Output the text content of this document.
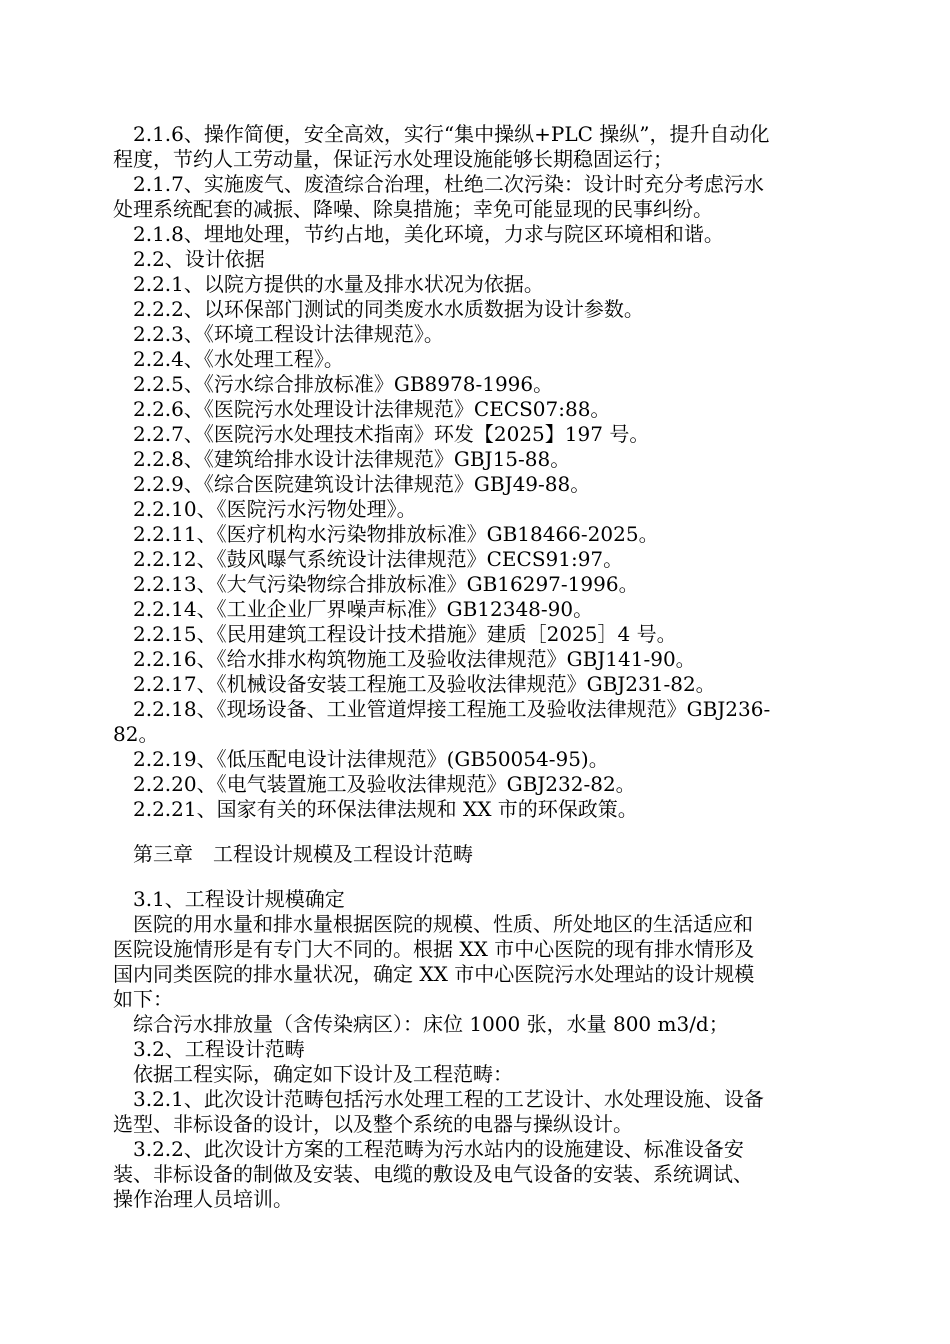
　2.1.6、操作简便，安全高效，实行“集中操纵+PLC 操纵”，提升自动化
程度，节约人工劳动量，保证污水处理设施能够长期稳固运行；
　2.1.7、实施废气、废渣综合治理，杜绝二次污染：设计时充分考虑污水
处理系统配套的减振、降噪、除臭措施；幸免可能显现的民事纠纷。
　2.1.8、埋地处理，节约占地，美化环境，力求与院区环境相和谐。
　2.2、设计依据
　2.2.1、以院方提供的水量及排水状况为依据。
　2.2.2、以环保部门测试的同类废水水质数据为设计参数。
　2.2.3、《环境工程设计法律规范》。
　2.2.4、《水处理工程》。
　2.2.5、《污水综合排放标准》GB8978-1996。
　2.2.6、《医院污水处理设计法律规范》CECS07:88。
　2.2.7、《医院污水处理技术指南》环发【2025】197 号。
　2.2.8、《建筑给排水设计法律规范》GBJ15-88。
　2.2.9、《综合医院建筑设计法律规范》GBJ49-88。
　2.2.10、《医院污水污物处理》。
　2.2.11、《医疗机构水污染物排放标准》GB18466-2025。
　2.2.12、《鼓风曝气系统设计法律规范》CECS91:97。
　2.2.13、《大气污染物综合排放标准》GB16297-1996。
　2.2.14、《工业企业厂界噪声标准》GB12348-90。
　2.2.15、《民用建筑工程设计技术措施》建质［2025］4 号。
　2.2.16、《给水排水构筑物施工及验收法律规范》GBJ141-90。
　2.2.17、《机械设备安装工程施工及验收法律规范》GBJ231-82。
　2.2.18、《现场设备、工业管道焊接工程施工及验收法律规范》GBJ236-
82。
　2.2.19、《低压配电设计法律规范》(GB50054-95)。
　2.2.20、《电气装置施工及验收法律规范》GBJ232-82。
　2.2.21、国家有关的环保法律法规和 XX 市的环保政策。
　第三章　工程设计规模及工程设计范畴
　3.1、工程设计规模确定
　医院的用水量和排水量根据医院的规模、性质、所处地区的生活适应和
医院设施情形是有专门大不同的。根据 XX 市中心医院的现有排水情形及
国内同类医院的排水量状况，确定 XX 市中心医院污水处理站的设计规模
如下：
　综合污水排放量（含传染病区）：床位 1000 张，水量 800 m3/d；
　3.2、工程设计范畴
　依据工程实际，确定如下设计及工程范畴：
　3.2.1、此次设计范畴包括污水处理工程的工艺设计、水处理设施、设备
选型、非标设备的设计，以及整个系统的电器与操纵设计。
　3.2.2、此次设计方案的工程范畴为污水站内的设施建设、标准设备安
装、非标设备的制做及安装、电缆的敷设及电气设备的安装、系统调试、
操作治理人员培训。
